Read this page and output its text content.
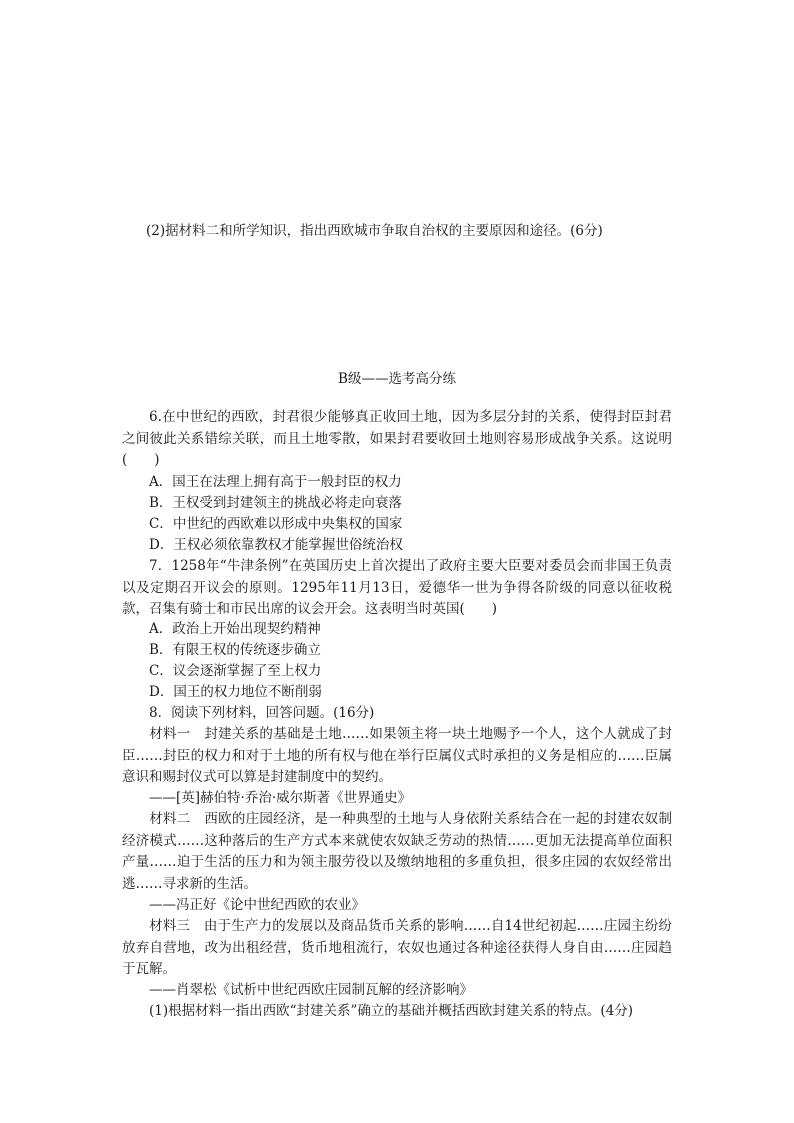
(2)据材料二和所学知识，指出西欧城市争取自治权的主要原因和途径。(6分)
B级——选考高分练
6.在中世纪的西欧，封君很少能够真正收回土地，因为多层分封的关系，使得封臣封君之间彼此关系错综关联，而且土地零散，如果封君要收回土地则容易形成战争关系。这说明(　　)
A．国王在法理上拥有高于一般封臣的权力
B．王权受到封建领主的挑战必将走向衰落
C．中世纪的西欧难以形成中央集权的国家
D．王权必须依靠教权才能掌握世俗统治权
7．1258年“牛津条例”在英国历史上首次提出了政府主要大臣要对委员会而非国王负责以及定期召开议会的原则。1295年11月13日，爱德华一世为争得各阶级的同意以征收税款，召集有骑士和市民出席的议会开会。这表明当时英国(　　)
A．政治上开始出现契约精神
B．有限王权的传统逐步确立
C．议会逐渐掌握了至上权力
D．国王的权力地位不断削弱
8．阅读下列材料，回答问题。(16分)
材料一　封建关系的基础是土地……如果领主将一块土地赐予一个人，这个人就成了封臣……封臣的权力和对于土地的所有权与他在举行臣属仪式时承担的义务是相应的……臣属意识和赐封仪式可以算是封建制度中的契约。
——[英]赫伯特·乔治·威尔斯著《世界通史》
材料二　西欧的庄园经济，是一种典型的土地与人身依附关系结合在一起的封建农奴制经济模式……这种落后的生产方式本来就使农奴缺乏劳动的热情……更加无法提高单位面积产量……迫于生活的压力和为领主服劳役以及缴纳地租的多重负担，很多庄园的农奴经常出逃……寻求新的生活。
——冯正好《论中世纪西欧的农业》
材料三　由于生产力的发展以及商品货币关系的影响……自14世纪初起……庄园主纷纷放弃自营地，改为出租经营，货币地租流行，农奴也通过各种途径获得人身自由……庄园趋于瓦解。
——肖翠松《试析中世纪西欧庄园制瓦解的经济影响》
(1)根据材料一指出西欧“封建关系”确立的基础并概括西欧封建关系的特点。(4分)
